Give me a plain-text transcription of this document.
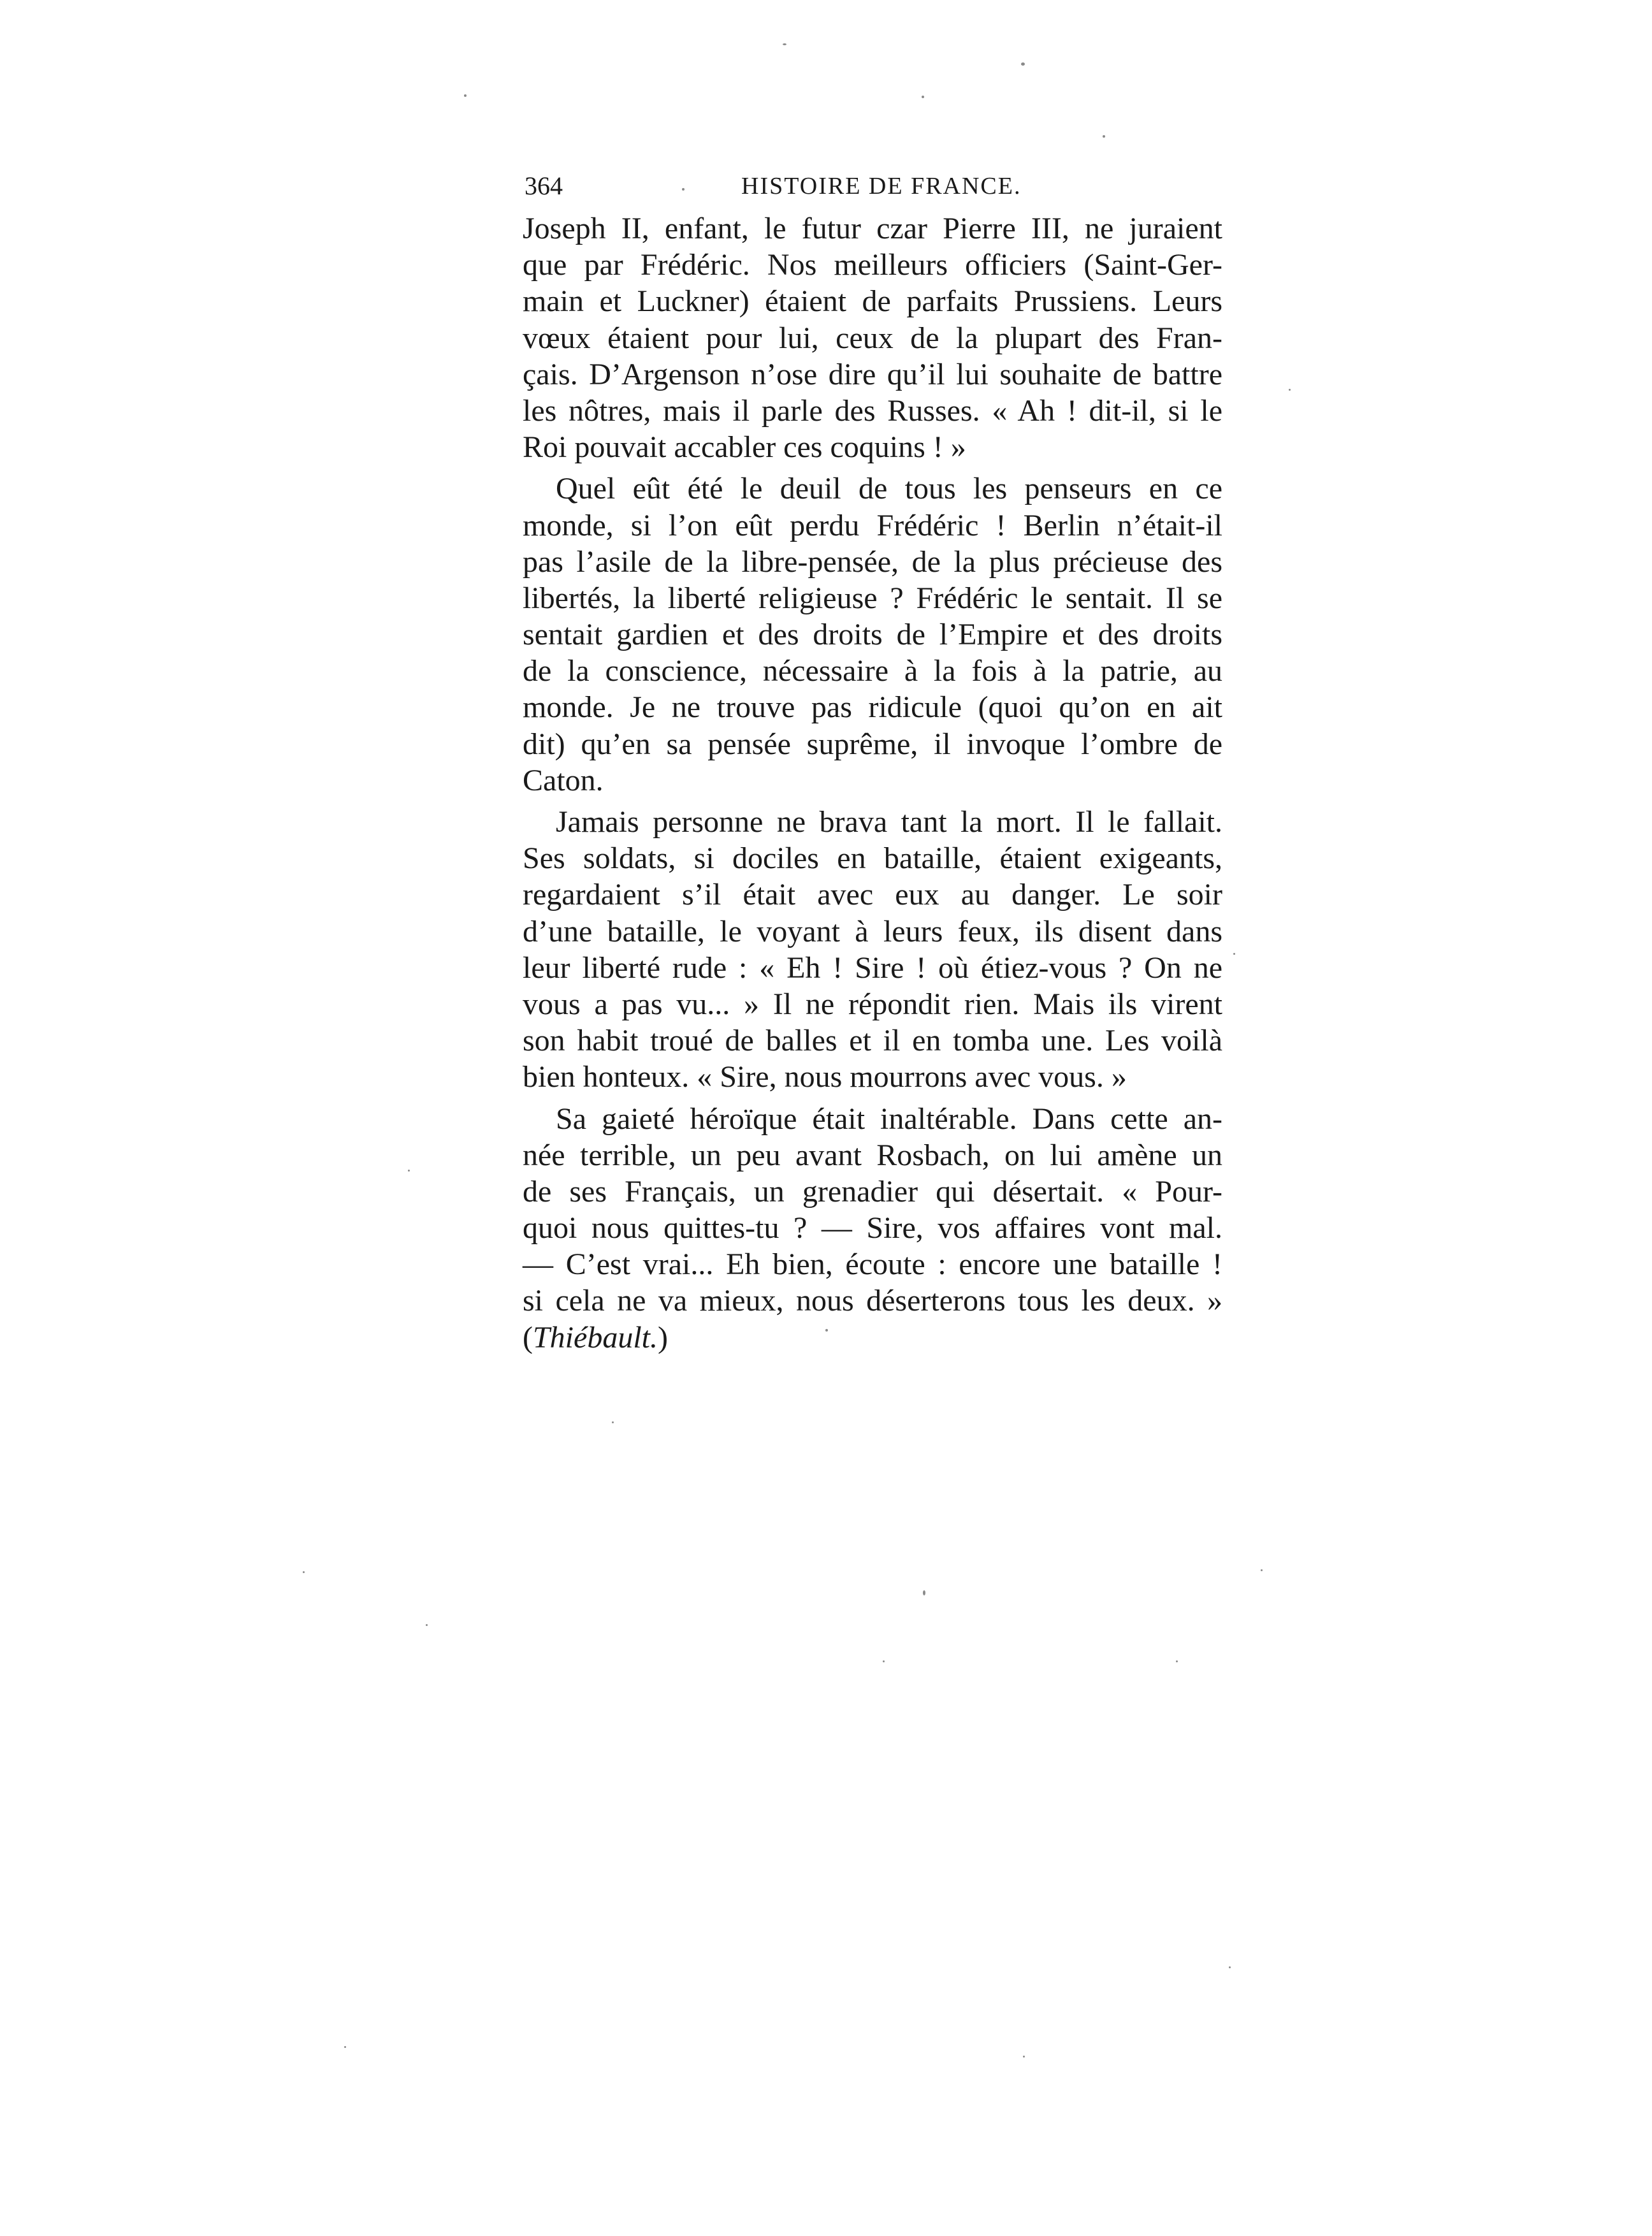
364	HISTOIRE DE FRANCE.

Joseph II, enfant, le futur czar Pierre III, ne juraient
que par Frédéric. Nos meilleurs officiers (Saint-Ger-
main et Luckner) étaient de parfaits Prussiens. Leurs
vœux étaient pour lui, ceux de la plupart des Fran-
çais. D’Argenson n’ose dire qu’il lui souhaite de battre
les nôtres, mais il parle des Russes. « Ah ! dit-il, si le
Roi pouvait accabler ces coquins ! »

Quel eût été le deuil de tous les penseurs en ce
monde, si l’on eût perdu Frédéric ! Berlin n’était-il
pas l’asile de la libre-pensée, de la plus précieuse des
libertés, la liberté religieuse ? Frédéric le sentait. Il se
sentait gardien et des droits de l’Empire et des droits
de la conscience, nécessaire à la fois à la patrie, au
monde. Je ne trouve pas ridicule (quoi qu’on en ait
dit) qu’en sa pensée suprême, il invoque l’ombre de
Caton.

Jamais personne ne brava tant la mort. Il le fallait.
Ses soldats, si dociles en bataille, étaient exigeants,
regardaient s’il était avec eux au danger. Le soir
d’une bataille, le voyant à leurs feux, ils disent dans
leur liberté rude : « Eh ! Sire ! où étiez-vous ? On ne
vous a pas vu... » Il ne répondit rien. Mais ils virent
son habit troué de balles et il en tomba une. Les voilà
bien honteux. « Sire, nous mourrons avec vous. »

Sa gaieté héroïque était inaltérable. Dans cette an-
née terrible, un peu avant Rosbach, on lui amène un
de ses Français, un grenadier qui désertait. « Pour-
quoi nous quittes-tu ? — Sire, vos affaires vont mal.
— C’est vrai... Eh bien, écoute : encore une bataille !
si cela ne va mieux, nous déserterons tous les deux. »
(Thiébault.)
